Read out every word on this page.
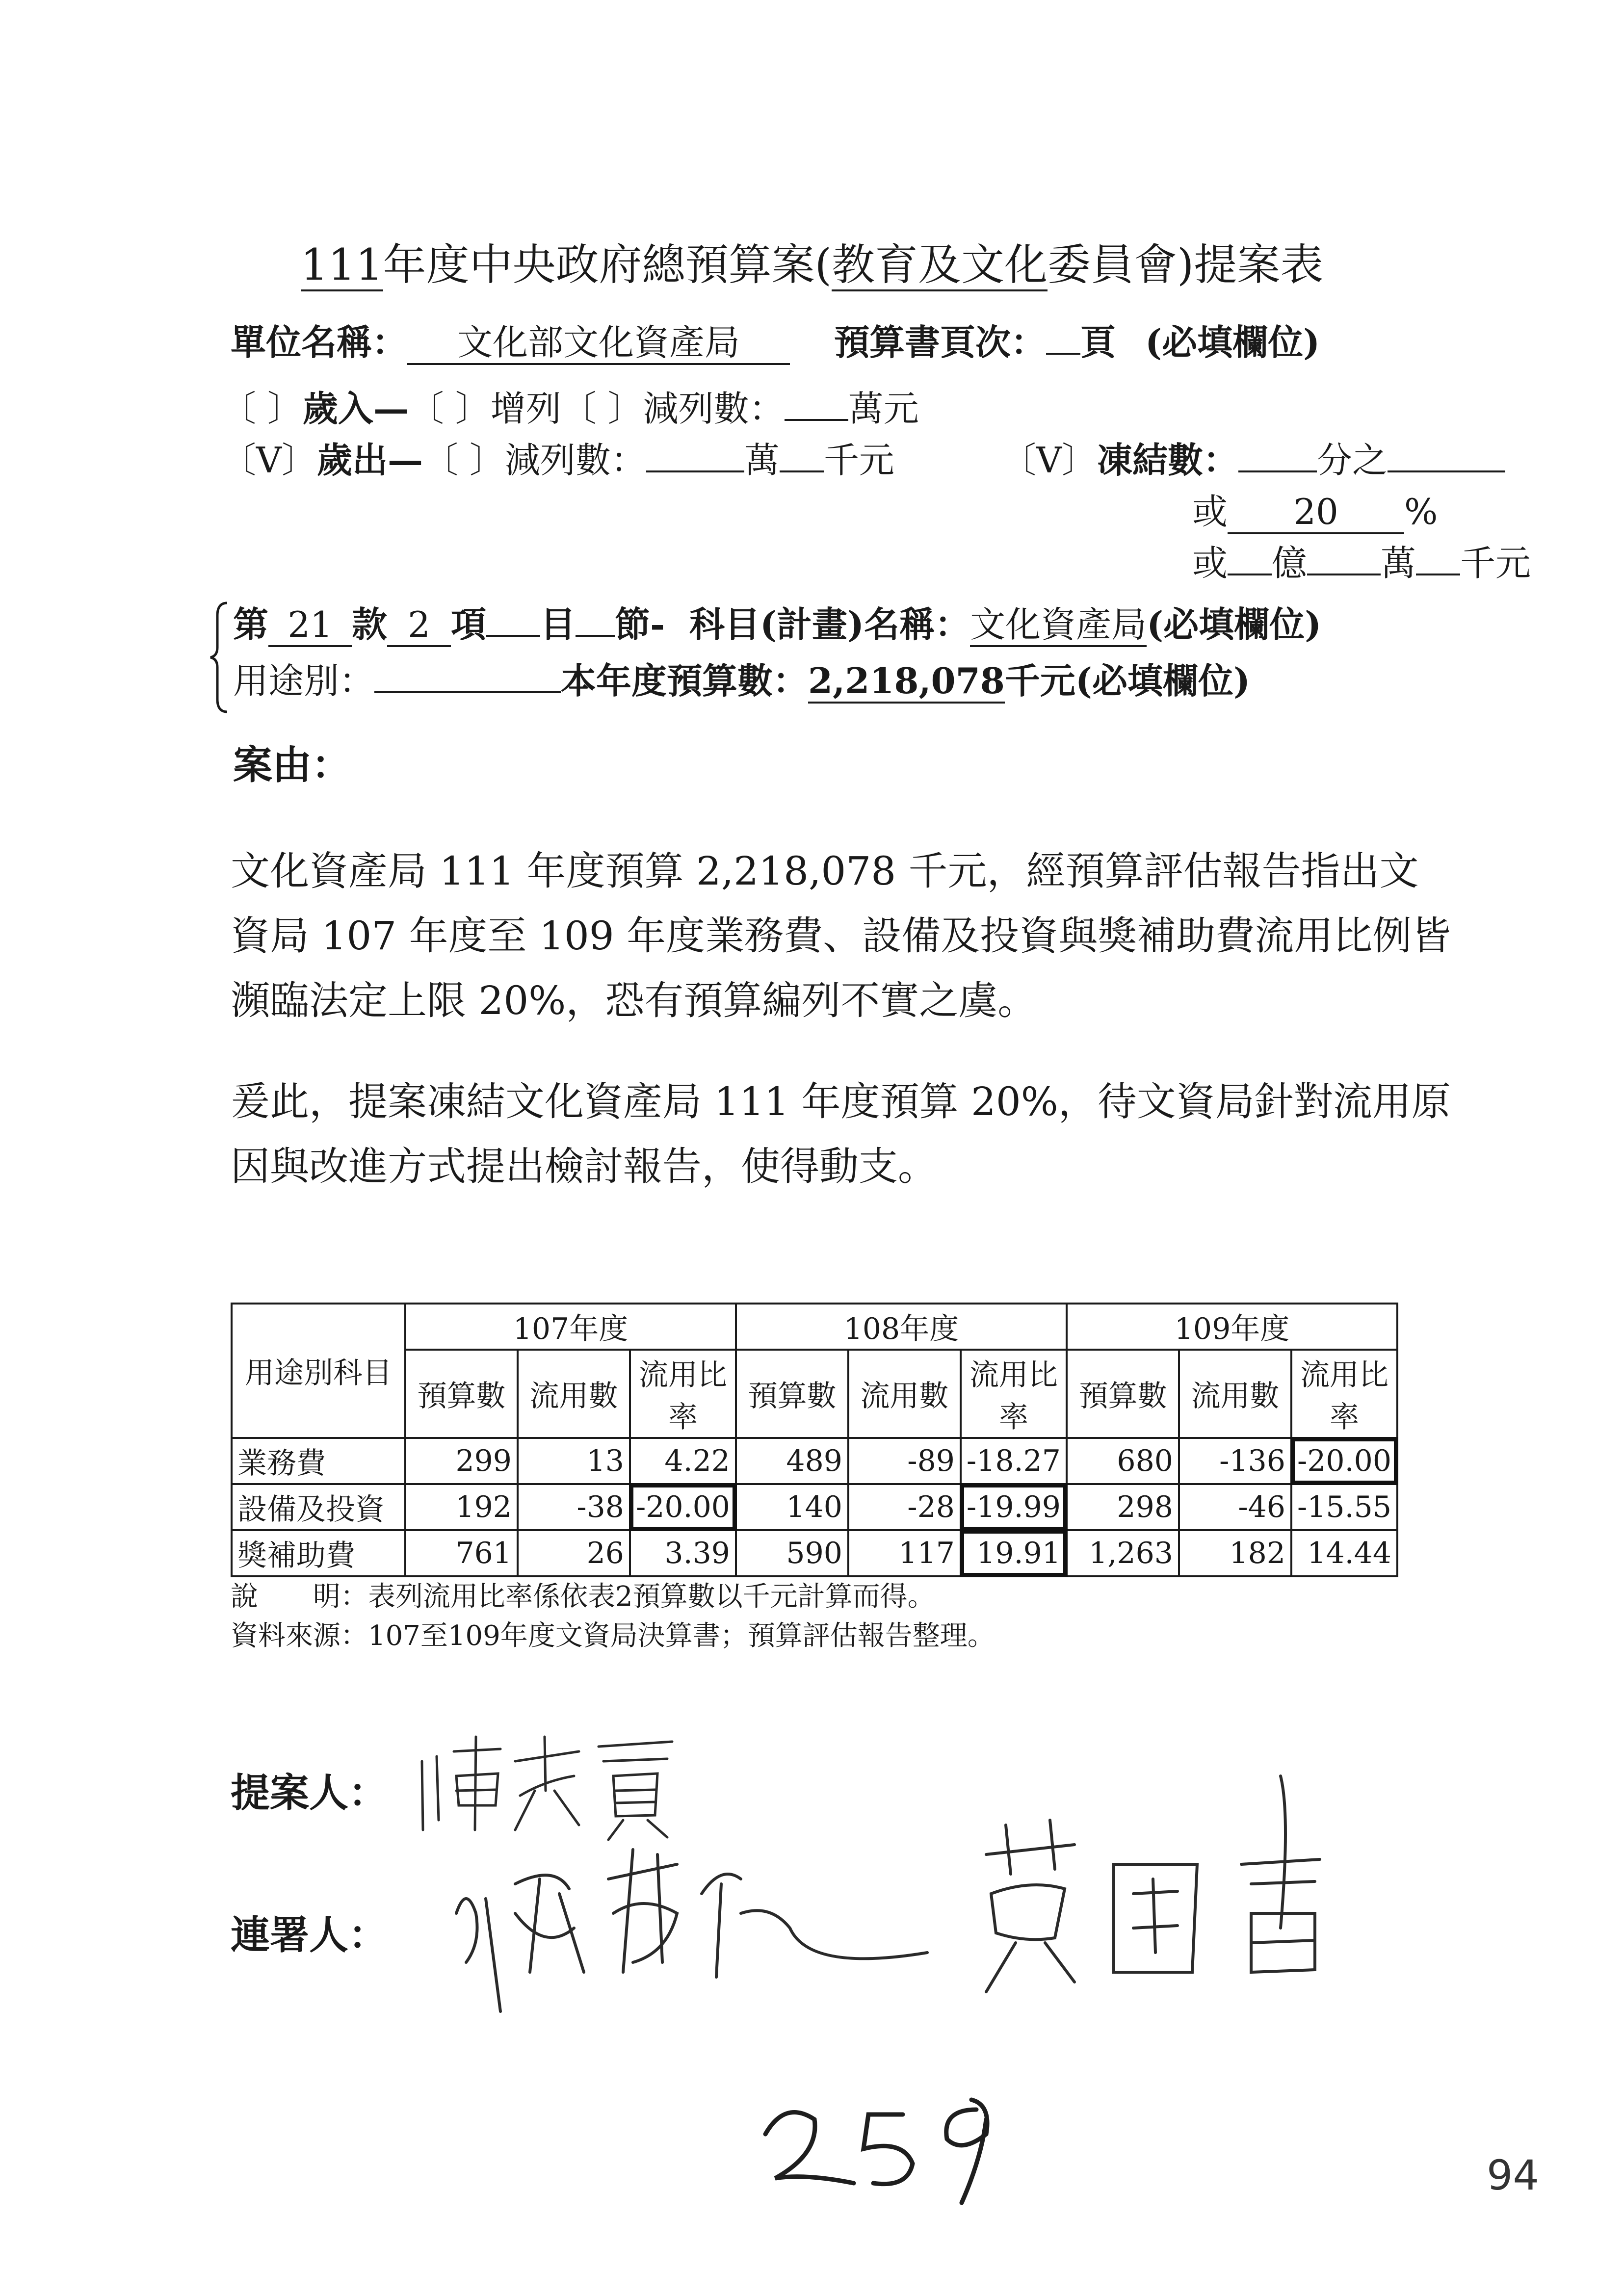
111年度中央政府總預算案(教育及文化委員會)提案表
單位名稱： 文化部文化資產局	預算書頁次： 頁 (必填欄位)
〔 〕歲入—〔 〕增列〔 〕減列數： 萬元
〔V〕歲出—〔 〕減列數：	萬 千元	〔V〕凍結數： 分之
或 20 %
或 億 萬 千元
第 21 款 2 項 目 節- 科目(計畫)名稱：文化資產局(必填欄位)
用途別：	本年度預算數：2,218,078千元(必填欄位)
案由：
文化資產局 111 年度預算 2,218,078 千元，經預算評估報告指出文資局 107 年度至 109 年度業務費、設備及投資與獎補助費流用比例皆瀕臨法定上限 20%，恐有預算編列不實之虞。
爰此，提案凍結文化資產局 111 年度預算 20%，待文資局針對流用原因與改進方式提出檢討報告，使得動支。
用途別科目	107年度			108年度			109年度		
	預算數	流用數	流用比率	預算數	流用數	流用比率	預算數	流用數	流用比率
業務費	299	13	4.22	489	-89	-18.27	680	-136	-20.00
設備及投資	192	-38	-20.00	140	-28	-19.99	298	-46	-15.55
獎補助費	761	26	3.39	590	117	19.91	1,263	182	14.44
說　　明：表列流用比率係依表2預算數以千元計算而得。
資料來源：107至109年度文資局決算書；預算評估報告整理。
提案人：
連署人：
94
